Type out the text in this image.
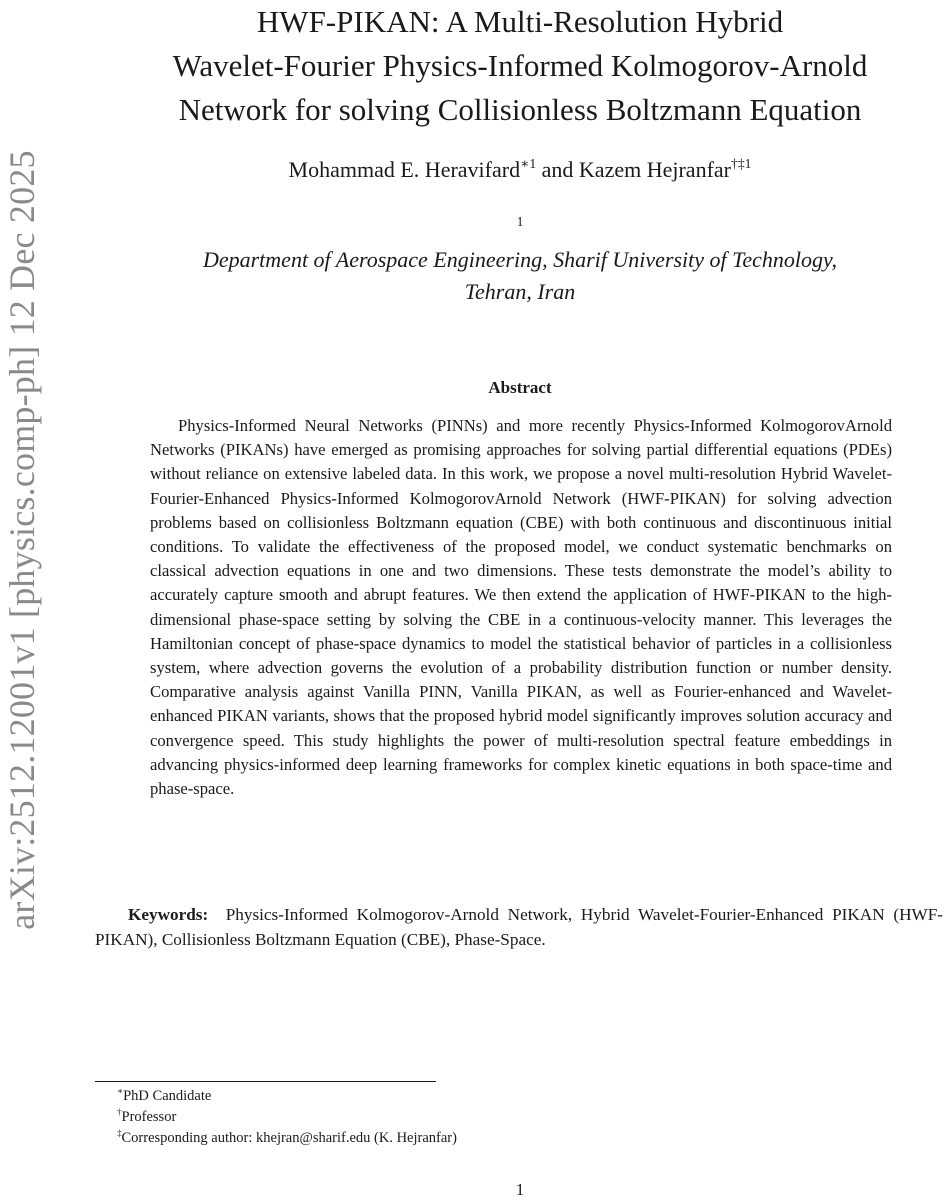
arXiv:2512.12001v1 [physics.comp-ph] 12 Dec 2025
HWF-PIKAN: A Multi-Resolution Hybrid
Wavelet-Fourier Physics-Informed Kolmogorov-Arnold
Network for solving Collisionless Boltzmann Equation
Mohammad E. Heravifard$^{∗1}$ and Kazem Hejranfar$^{\dagger\ddagger 1}$
$^1$
Department of Aerospace Engineering, Sharif University of Technology,
Tehran, Iran
Abstract

Physics-Informed Neural Networks (PINNs) and more recently Physics-Informed KolmogorovArnold Networks (PIKANs) have emerged as promising approaches for solving partial differential equations (PDEs) without reliance on extensive labeled data. In this work, we propose a novel multi-resolution Hybrid Wavelet-Fourier-Enhanced Physics-Informed KolmogorovArnold Network (HWF-PIKAN) for solving advection problems based on collisionless Boltzmann equation (CBE) with both continuous and discontinuous initial conditions. To validate the effectiveness of the proposed model, we conduct systematic benchmarks on classical advection equations in one and two dimensions. These tests demonstrate the model’s ability to accurately capture smooth and abrupt features. We then extend the application of HWF-PIKAN to the high-dimensional phase-space setting by solving the CBE in a continuous-velocity manner. This leverages the Hamiltonian concept of phase-space dynamics to model the statistical behavior of particles in a collisionless system, where advection governs the evolution of a probability distribution function or number density. Comparative analysis against Vanilla PINN, Vanilla PIKAN, as well as Fourier-enhanced and Wavelet-enhanced PIKAN variants, shows that the proposed hybrid model significantly improves solution accuracy and convergence speed. This study highlights the power of multi-resolution spectral feature embeddings in advancing physics-informed deep learning frameworks for complex kinetic equations in both space-time and phase-space.

Keywords: Physics-Informed Kolmogorov-Arnold Network, Hybrid Wavelet-Fourier-Enhanced PIKAN (HWF-PIKAN), Collisionless Boltzmann Equation (CBE), Phase-Space.

∗PhD Candidate
†Professor
‡Corresponding author: khejran@sharif.edu (K. Hejranfar)
1
